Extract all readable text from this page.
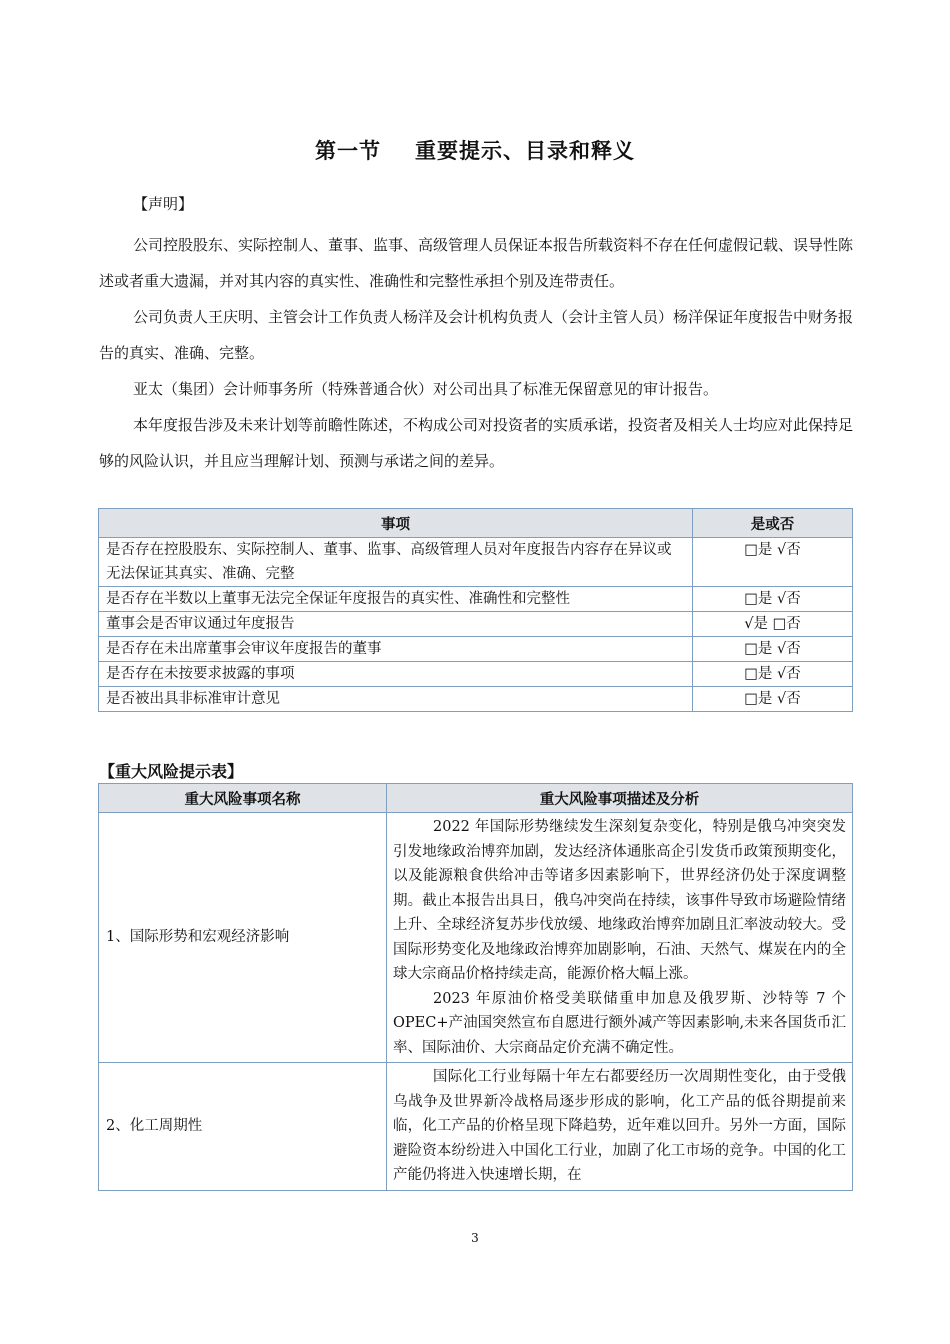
第一节 重要提示、目录和释义
【声明】
公司控股股东、实际控制人、董事、监事、高级管理人员保证本报告所载资料不存在任何虚假记载、误导性陈述或者重大遗漏，并对其内容的真实性、准确性和完整性承担个别及连带责任。
公司负责人王庆明、主管会计工作负责人杨洋及会计机构负责人（会计主管人员）杨洋保证年度报告中财务报告的真实、准确、完整。
亚太（集团）会计师事务所（特殊普通合伙）对公司出具了标准无保留意见的审计报告。
本年度报告涉及未来计划等前瞻性陈述，不构成公司对投资者的实质承诺，投资者及相关人士均应对此保持足够的风险认识，并且应当理解计划、预测与承诺之间的差异。
事项	是或否
是否存在控股股东、实际控制人、董事、监事、高级管理人员对年度报告内容存在异议或无法保证其真实、准确、完整	□是 √否
是否存在半数以上董事无法完全保证年度报告的真实性、准确性和完整性	□是 √否
董事会是否审议通过年度报告	√是 □否
是否存在未出席董事会审议年度报告的董事	□是 √否
是否存在未按要求披露的事项	□是 √否
是否被出具非标准审计意见	□是 √否
【重大风险提示表】
重大风险事项名称	重大风险事项描述及分析
1、国际形势和宏观经济影响	2022 年国际形势继续发生深刻复杂变化，特别是俄乌冲突突发引发地缘政治博弈加剧，发达经济体通胀高企引发货币政策预期变化，以及能源粮食供给冲击等诸多因素影响下，世界经济仍处于深度调整期。截止本报告出具日，俄乌冲突尚在持续，该事件导致市场避险情绪上升、全球经济复苏步伐放缓、地缘政治博弈加剧且汇率波动较大。受国际形势变化及地缘政治博弈加剧影响，石油、天然气、煤炭在内的全球大宗商品价格持续走高，能源价格大幅上涨。

2023 年原油价格受美联储重申加息及俄罗斯、沙特等 7 个 OPEC+产油国突然宣布自愿进行额外减产等因素影响,未来各国货币汇率、国际油价、大宗商品定价充满不确定性。

2、化工周期性	国际化工行业每隔十年左右都要经历一次周期性变化，由于受俄乌战争及世界新冷战格局逐步形成的影响，化工产品的低谷期提前来临，化工产品的价格呈现下降趋势，近年难以回升。另外一方面，国际避险资本纷纷进入中国化工行业，加剧了化工市场的竞争。中国的化工产能仍将进入快速增长期，在

3
